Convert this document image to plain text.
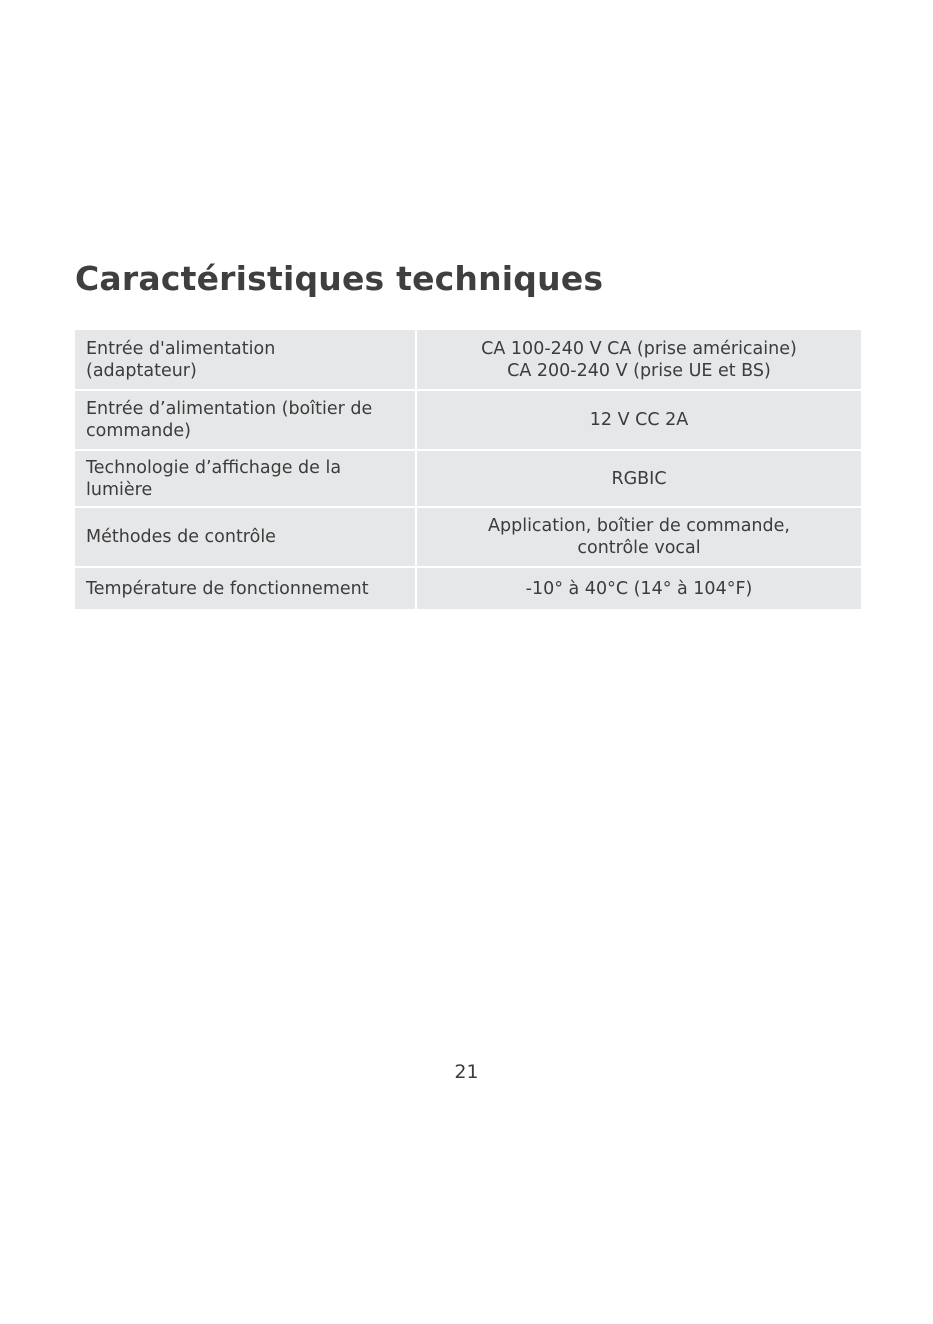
Caractéristiques techniques
Entrée d'alimentation
(adaptateur)	CA 100-240 V CA (prise américaine)
CA 200-240 V (prise UE et BS)

Entrée d’alimentation (boîtier de
commande)	12 V CC 2A

Technologie d’affichage de la
lumière	RGBIC

Méthodes de contrôle	Application, boîtier de commande,
contrôle vocal

Température de fonctionnement	-10° à 40°C (14° à 104°F)
21
